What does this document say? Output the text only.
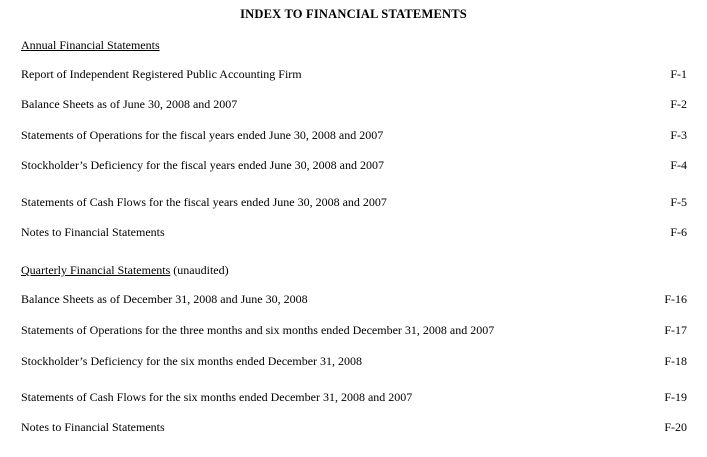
INDEX TO FINANCIAL STATEMENTS
Annual Financial Statements
Report of Independent Registered Public Accounting Firm	F-1
Balance Sheets as of June 30, 2008 and 2007	F-2
Statements of Operations for the fiscal years ended June 30, 2008 and 2007	F-3
Stockholder’s Deficiency for the fiscal years ended June 30, 2008 and 2007	F-4
Statements of Cash Flows for the fiscal years ended June 30, 2008 and 2007	F-5
Notes to Financial Statements	F-6
Quarterly Financial Statements (unaudited)
Balance Sheets as of December 31, 2008 and June 30, 2008	F-16
Statements of Operations for the three months and six months ended December 31, 2008 and 2007	F-17
Stockholder’s Deficiency for the six months ended December 31, 2008	F-18
Statements of Cash Flows for the six months ended December 31, 2008 and 2007	F-19
Notes to Financial Statements	F-20
